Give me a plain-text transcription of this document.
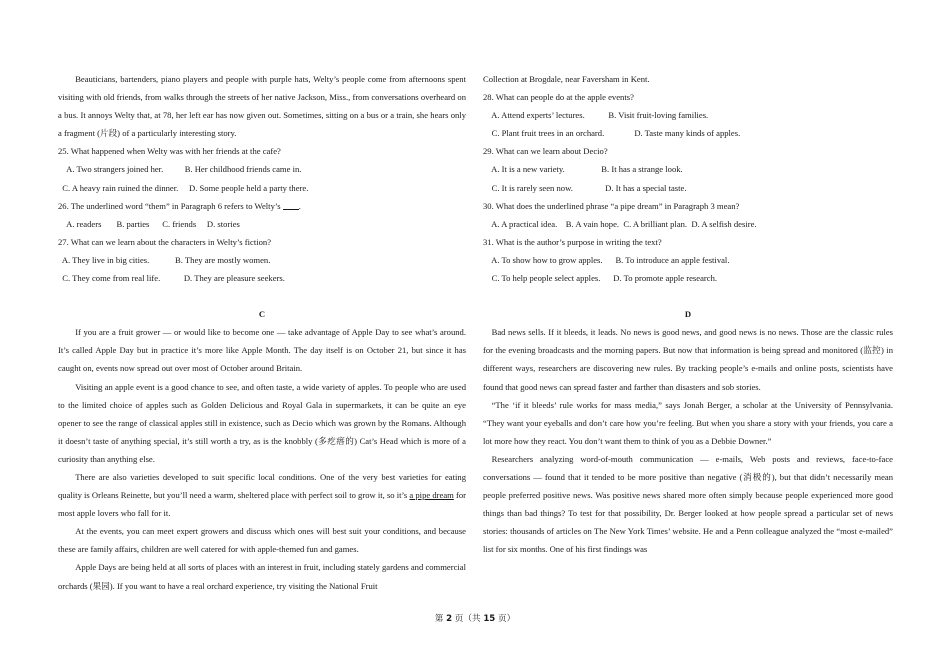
Beauticians, bartenders, piano players and people with purple hats, Welty’s people come from afternoons spent visiting with old friends, from walks through the streets of her native Jackson, Miss., from conversations overheard on a bus. It annoys Welty that, at 78, her left ear has now given out. Sometimes, sitting on a bus or a train, she hears only a fragment (片段) of a particularly interesting story.

25. What happened when Welty was with her friends at the cafe?

A. Two strangers joined her.          B. Her childhood friends came in.

C. A heavy rain ruined the dinner.     D. Some people held a party there.

26. The underlined word “them” in Paragraph 6 refers to Welty’s .

A. readers       B. parties      C. friends     D. stories

27. What can we learn about the characters in Welty’s fiction?

A. They live in big cities.            B. They are mostly women.

C. They come from real life.           D. They are pleasure seekers.

C

If you are a fruit grower — or would like to become one — take advantage of Apple Day to see what’s around. It’s called Apple Day but in practice it’s more like Apple Month. The day itself is on October 21, but since it has caught on, events now spread out over most of October around Britain.

Visiting an apple event is a good chance to see, and often taste, a wide variety of apples. To people who are used to the limited choice of apples such as Golden Delicious and Royal Gala in supermarkets, it can be quite an eye opener to see the range of classical apples still in existence, such as Decio which was grown by the Romans. Although it doesn’t taste of anything special, it’s still worth a try, as is the knobbly (多疙瘩的) Cat’s Head which is more of a curiosity than anything else.

There are also varieties developed to suit specific local conditions. One of the very best varieties for eating quality is Orleans Reinette, but you’ll need a warm, sheltered place with perfect soil to grow it, so it’s a pipe dream for most apple lovers who fall for it.

At the events, you can meet expert growers and discuss which ones will best suit your conditions, and because these are family affairs, children are well catered for with apple-themed fun and games.

Apple Days are being held at all sorts of places with an interest in fruit, including stately gardens and commercial orchards (果园). If you want to have a real orchard experience, try visiting the National Fruit

Collection at Brogdale, near Faversham in Kent.

28. What can people do at the apple events?

A. Attend experts’ lectures.           B. Visit fruit-loving families.

C. Plant fruit trees in an orchard.              D. Taste many kinds of apples.

29. What can we learn about Decio?

A. It is a new variety.                 B. It has a strange look.

C. It is rarely seen now.               D. It has a special taste.

30. What does the underlined phrase “a pipe dream” in Paragraph 3 mean?

A. A practical idea.    B. A vain hope.  C. A brilliant plan.  D. A selfish desire.

31. What is the author’s purpose in writing the text?

A. To show how to grow apples.      B. To introduce an apple festival.

C. To help people select apples.      D. To promote apple research.

D

Bad news sells. If it bleeds, it leads. No news is good news, and good news is no news. Those are the classic rules for the evening broadcasts and the morning papers. But now that information is being spread and monitored (监控) in different ways, researchers are discovering new rules. By tracking people’s e-mails and online posts, scientists have found that good news can spread faster and farther than disasters and sob stories.

“The ‘if it bleeds’ rule works for mass media,” says Jonah Berger, a scholar at the University of Pennsylvania. “They want your eyeballs and don’t care how you’re feeling. But when you share a story with your friends, you care a lot more how they react. You don’t want them to think of you as a Debbie Downer.”

Researchers analyzing word-of-mouth communication — e-mails, Web posts and reviews, face-to-face conversations — found that it tended to be more positive than negative (消极的), but that didn’t necessarily mean people preferred positive news. Was positive news shared more often simply because people experienced more good things than bad things? To test for that possibility, Dr. Berger looked at how people spread a particular set of news stories: thousands of articles on The New York Times’ website. He and a Penn colleague analyzed the “most e-mailed” list for six months. One of his first findings was

第 2 页（共 15 页）
